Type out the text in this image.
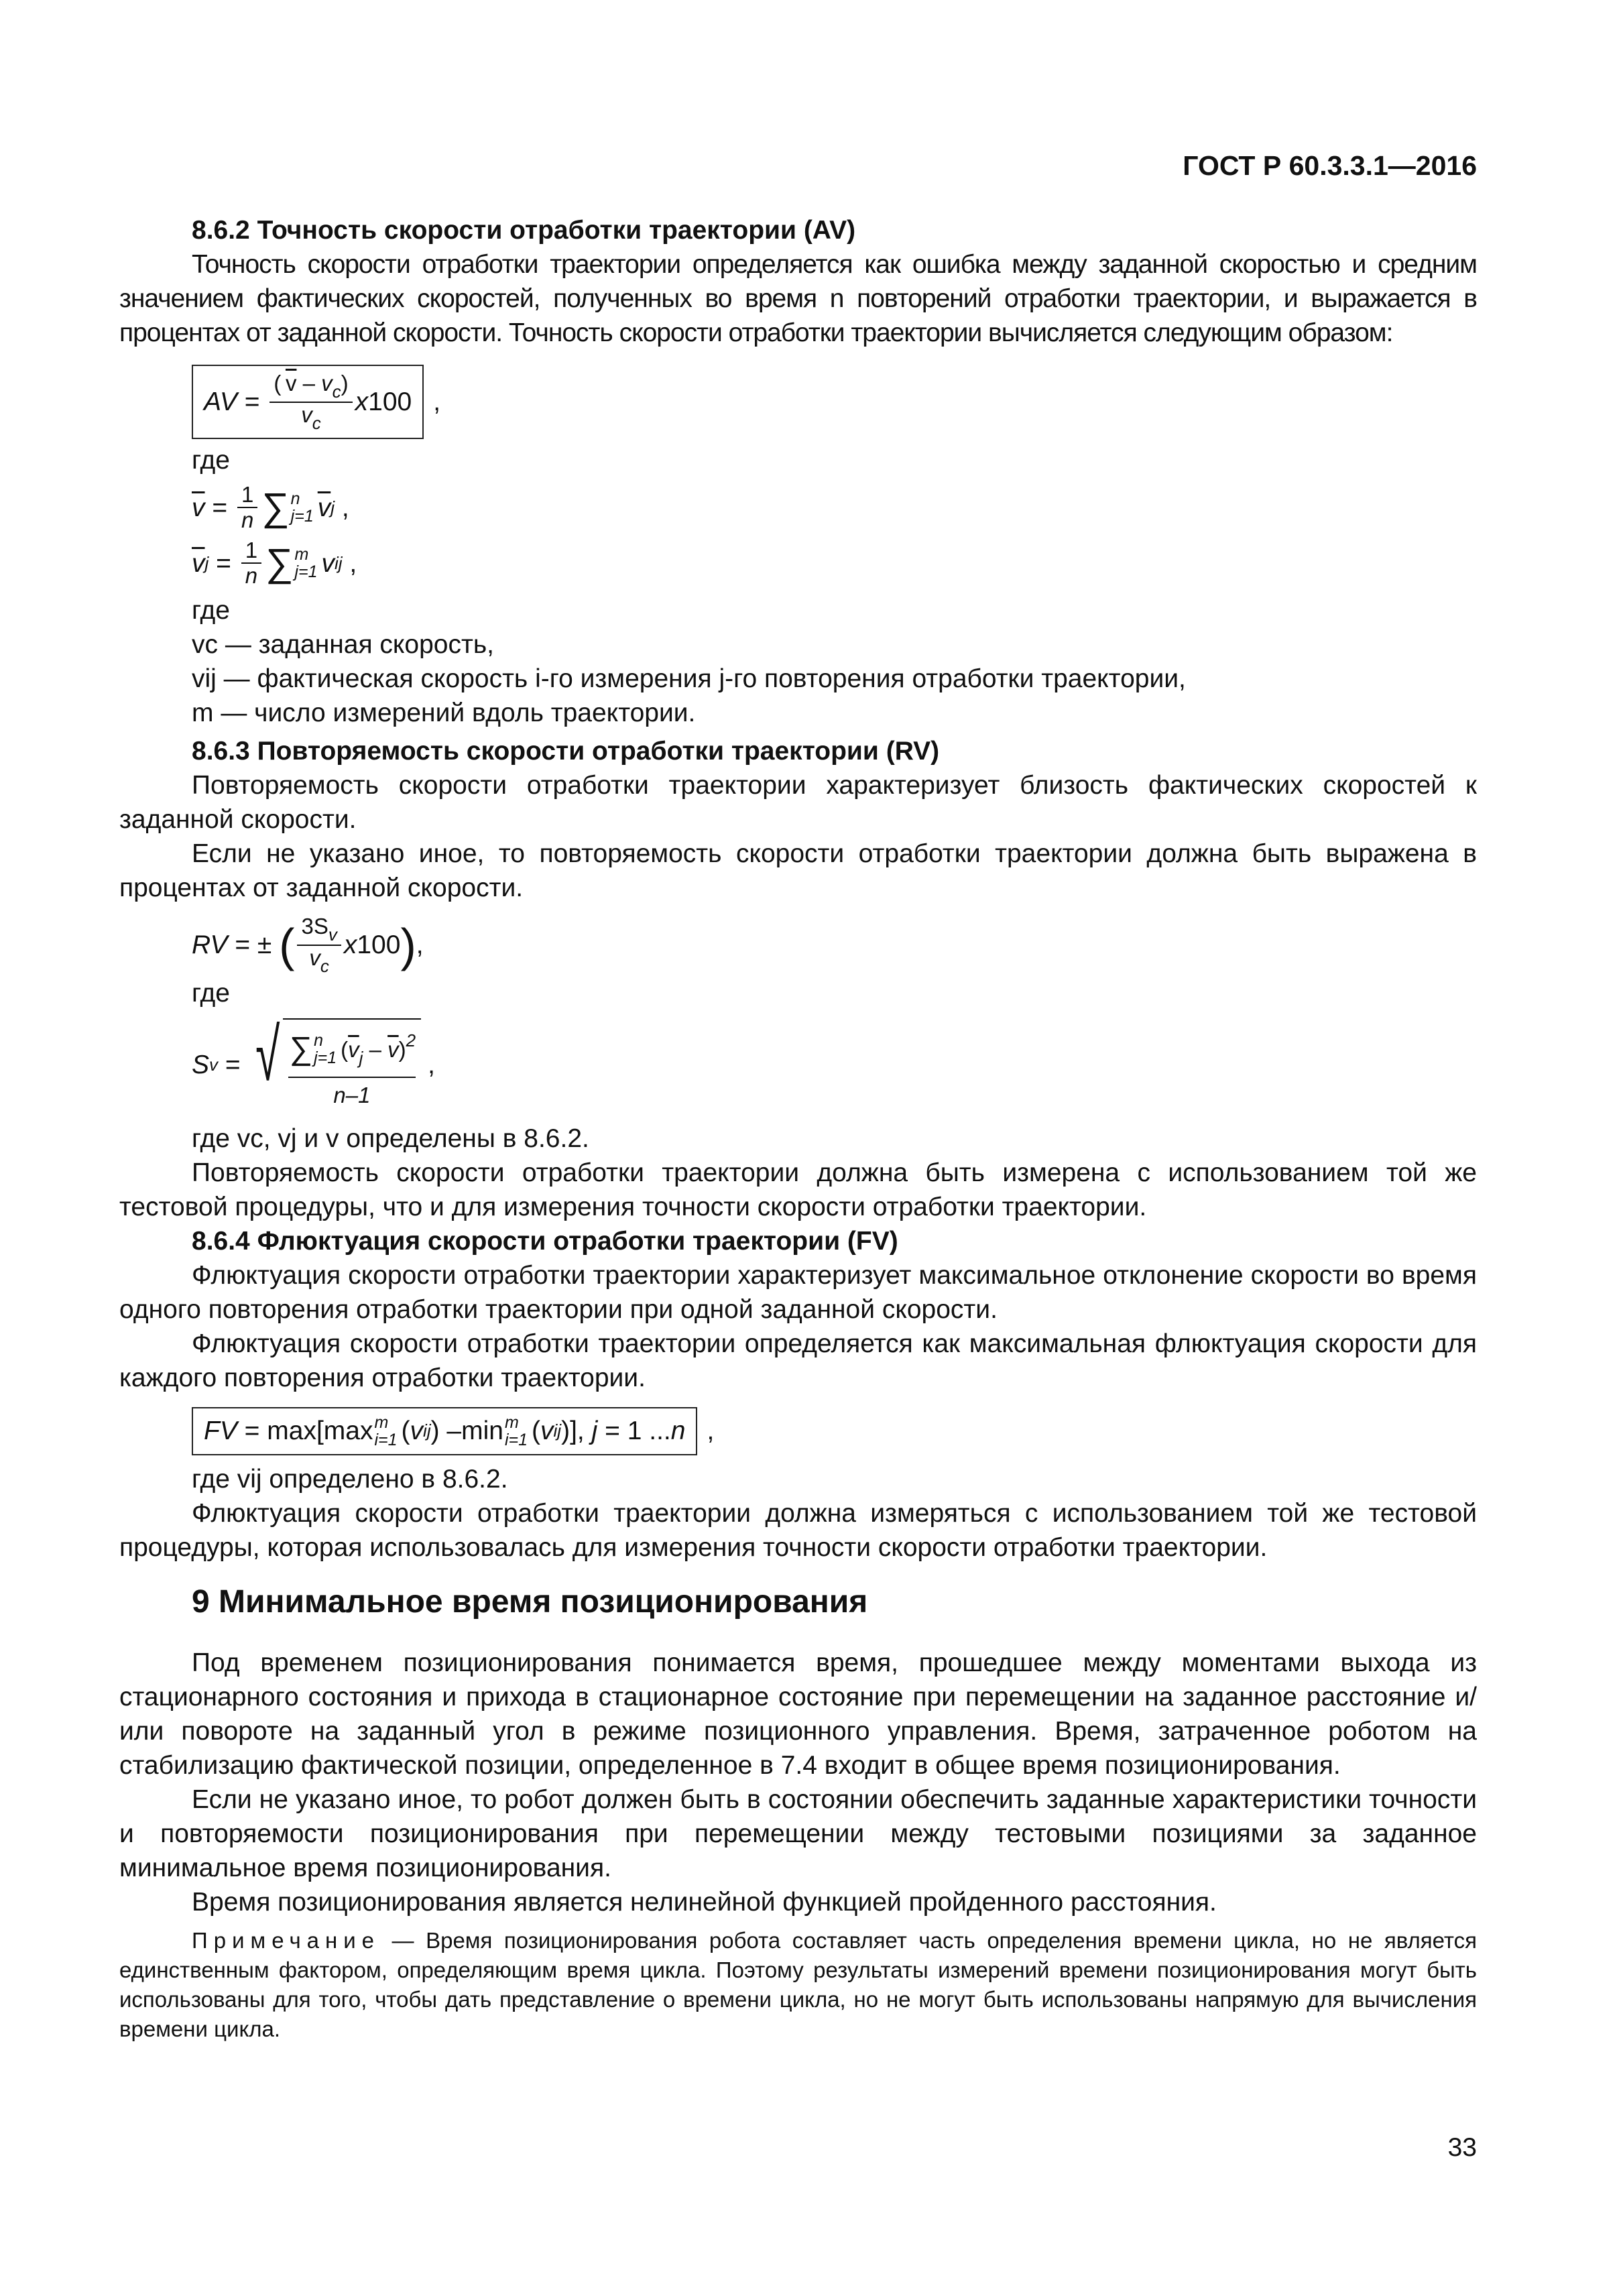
ГОСТ Р 60.3.3.1—2016

8.6.2 Точность скорости отработки траектории (AV)

Точность скорости отработки траектории определяется как ошибка между заданной скоростью и средним значением фактических скоростей, полученных во время n повторений отработки траектории, и выражается в процентах от заданной скорости. Точность скорости отработки траектории вычисляется следующим образом:

AV = $\frac{( \overline{v} - v_c)}{v_c}$ x 100 ,

где

$\overline{v} = \frac{1}{n}$ ∑ n
j=1 $\overline{v}$ j ,
$\overline{v}$ $j = \frac{1}{n}$ ∑ m
j=1 v ij ,

где

vc — заданная скорость,

vij — фактическая скорость i-го измерения j-го повторения отработки траектории,

m — число измерений вдоль траектории.

8.6.3 Повторяемость скорости отработки траектории (RV)

Повторяемость скорости отработки траектории характеризует близость фактических скоростей к заданной скорости.

Если не указано иное, то повторяемость скорости отработки траектории должна быть выражена в процентах от заданной скорости.

RV = ± ( $\frac{3S_v}{v_c}$ x 100 ) ,

где

S v = √ ∑ n
j=1 $(\overline{v}_j - \overline{v})^2$
n–1
,

где vc, vj и v определены в 8.6.2.

Повторяемость скорости отработки траектории должна быть измерена с использованием той же тестовой процедуры, что и для измерения точности скорости отработки траектории.

8.6.4 Флюктуация скорости отработки траектории (FV)

Флюктуация скорости отработки траектории характеризует максимальное отклонение скорости во время одного повторения отработки траектории при одной заданной скорости.

Флюктуация скорости отработки траектории определяется как максимальная флюктуация скорости для каждого повторения отработки траектории.

FV = max[max m
i=1 ( v ij ) –min m
i=1 ( v ij )], j = 1 ... n ,

где vij определено в 8.6.2.

Флюктуация скорости отработки траектории должна измеряться с использованием той же тестовой процедуры, которая использовалась для измерения точности скорости отработки траектории.

9 Минимальное время позиционирования

Под временем позиционирования понимается время, прошедшее между моментами выхода из стационарного состояния и прихода в стационарное состояние при перемещении на заданное расстояние и/или повороте на заданный угол в режиме позиционного управления. Время, затраченное роботом на стабилизацию фактической позиции, определенное в 7.4 входит в общее время позиционирования.

Если не указано иное, то робот должен быть в состоянии обеспечить заданные характеристики точности и повторяемости позиционирования при перемещении между тестовыми позициями за заданное минимальное время позиционирования.

Время позиционирования является нелинейной функцией пройденного расстояния.

Примечание — Время позиционирования робота составляет часть определения времени цикла, но не является единственным фактором, определяющим время цикла. Поэтому результаты измерений времени позиционирования могут быть использованы для того, чтобы дать представление о времени цикла, но не могут быть использованы напрямую для вычисления времени цикла.

33
